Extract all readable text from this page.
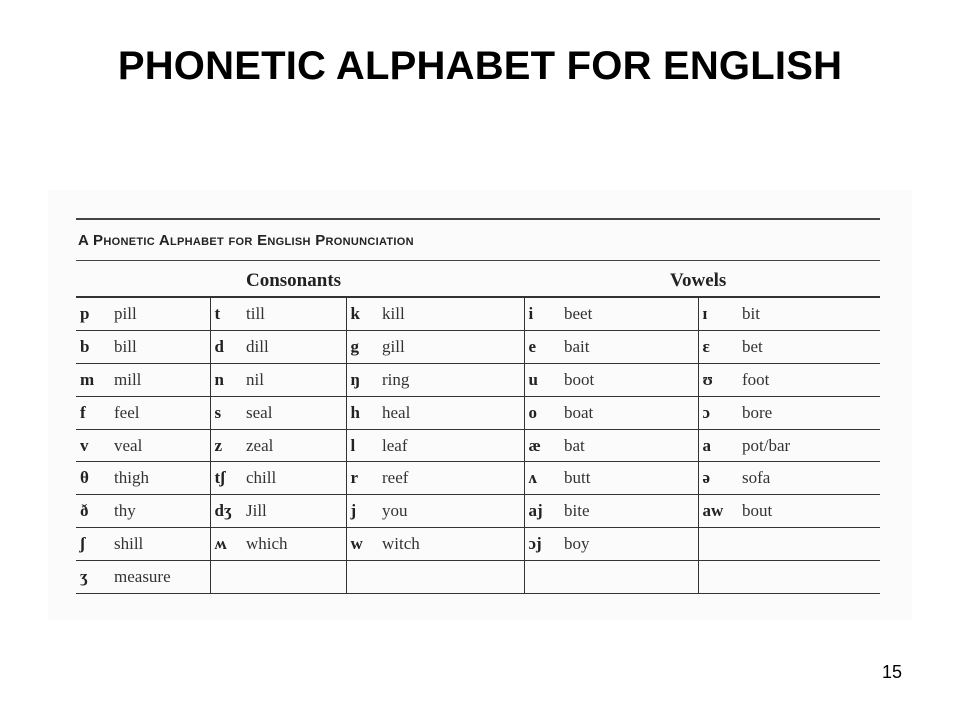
PHONETIC ALPHABET FOR ENGLISH
A Phonetic Alphabet for English Pronunciation
Consonants	Vowels
p	pill	t	till	k	kill	i	beet	ɪ	bit
b	bill	d	dill	g	gill	e	bait	ɛ	bet
m	mill	n	nil	ŋ	ring	u	boot	ʊ	foot
f	feel	s	seal	h	heal	o	boat	ɔ	bore
v	veal	z	zeal	l	leaf	æ	bat	a	pot/bar
θ	thigh	tʃ	chill	r	reef	ʌ	butt	ə	sofa
ð	thy	dʒ	Jill	j	you	aj	bite	aw	bout
ʃ	shill	ʍ	which	w	witch	ɔj	boy		
ʒ	measure								
15
